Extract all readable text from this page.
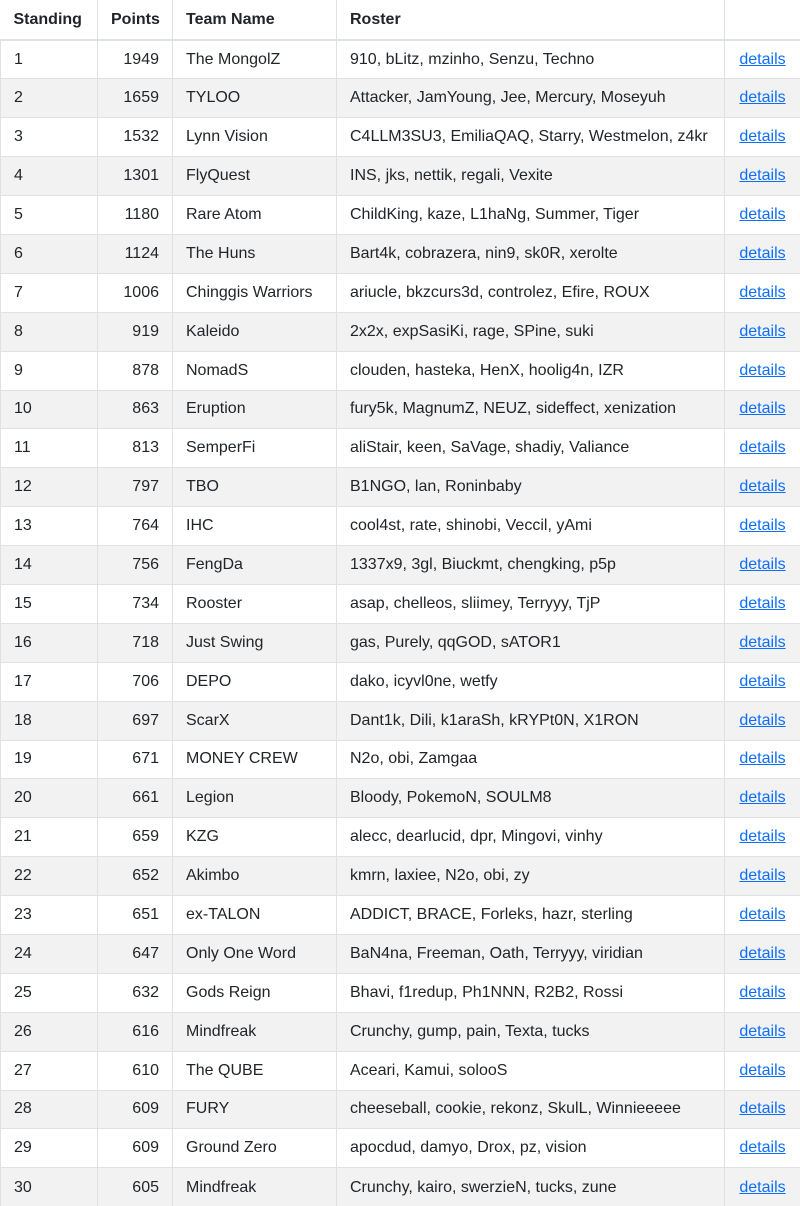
Standing	Points	Team Name	Roster	
1	1949	The MongolZ	910, bLitz, mzinho, Senzu, Techno	details
2	1659	TYLOO	Attacker, JamYoung, Jee, Mercury, Moseyuh	details
3	1532	Lynn Vision	C4LLM3SU3, EmiliaQAQ, Starry, Westmelon, z4kr	details
4	1301	FlyQuest	INS, jks, nettik, regali, Vexite	details
5	1180	Rare Atom	ChildKing, kaze, L1haNg, Summer, Tiger	details
6	1124	The Huns	Bart4k, cobrazera, nin9, sk0R, xerolte	details
7	1006	Chinggis Warriors	ariucle, bkzcurs3d, controlez, Efire, ROUX	details
8	919	Kaleido	2x2x, expSasiKi, rage, SPine, suki	details
9	878	NomadS	clouden, hasteka, HenX, hoolig4n, IZR	details
10	863	Eruption	fury5k, MagnumZ, NEUZ, sideffect, xenization	details
11	813	SemperFi	aliStair, keen, SaVage, shadiy, Valiance	details
12	797	TBO	B1NGO, lan, Roninbaby	details
13	764	IHC	cool4st, rate, shinobi, Veccil, yAmi	details
14	756	FengDa	1337x9, 3gl, Biuckmt, chengking, p5p	details
15	734	Rooster	asap, chelleos, sliimey, Terryyy, TjP	details
16	718	Just Swing	gas, Purely, qqGOD, sATOR1	details
17	706	DEPO	dako, icyvl0ne, wetfy	details
18	697	ScarX	Dant1k, Dili, k1araSh, kRYPt0N, X1RON	details
19	671	MONEY CREW	N2o, obi, Zamgaa	details
20	661	Legion	Bloody, PokemoN, SOULM8	details
21	659	KZG	alecc, dearlucid, dpr, Mingovi, vinhy	details
22	652	Akimbo	kmrn, laxiee, N2o, obi, zy	details
23	651	ex-TALON	ADDICT, BRACE, Forleks, hazr, sterling	details
24	647	Only One Word	BaN4na, Freeman, Oath, Terryyy, viridian	details
25	632	Gods Reign	Bhavi, f1redup, Ph1NNN, R2B2, Rossi	details
26	616	Mindfreak	Crunchy, gump, pain, Texta, tucks	details
27	610	The QUBE	Aceari, Kamui, solooS	details
28	609	FURY	cheeseball, cookie, rekonz, SkulL, Winnieeeee	details
29	609	Ground Zero	apocdud, damyo, Drox, pz, vision	details
30	605	Mindfreak	Crunchy, kairo, swerzieN, tucks, zune	details
